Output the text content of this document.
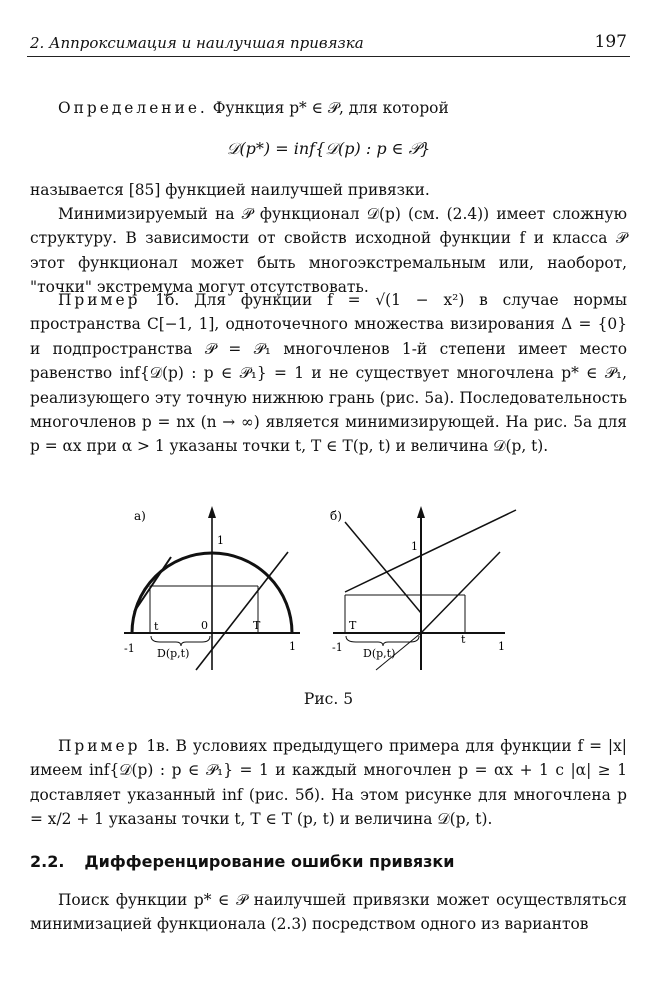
2. Аппроксимация и наилучшая привязка	197
Определение. Функция p* ∈ 𝒫, для которой
𝒟(p*) = inf{𝒟(p) : p ∈ 𝒫}
называется [85] функцией наилучшей привязки.
Минимизируемый на 𝒫 функционал 𝒟(p) (см. (2.4)) имеет сложную структуру. В зависимости от свойств исходной функции f и класса 𝒫 этот функционал может быть многоэкстремальным или, наоборот, "точки" экстремума могут отсутствовать.
Пример 1б. Для функции f = √(1 − x²) в случае нормы пространства C[−1, 1], одноточечного множества визирования Δ = {0} и подпространства 𝒫 = 𝒫₁ многочленов 1-й степени имеет место равенство inf{𝒟(p) : p ∈ 𝒫₁} = 1 и не существует многочлена p* ∈ 𝒫₁, реализующего эту точную нижнюю грань (рис. 5а). Последовательность многочленов p = nx (n → ∞) является минимизирующей. На рис. 5а для p = αx при α > 1 указаны точки t, T ∈ T(p, t) и величина 𝒟(p, t).
а)
1
t	0	T
-1	1
D(p,t)
б)
1
T
t
-1	1
D(p,t)
Рис. 5
Пример 1в. В условиях предыдущего примера для функции f = |x| имеем inf{𝒟(p) : p ∈ 𝒫₁} = 1 и каждый многочлен p = αx + 1 с |α| ≥ 1 доставляет указанный inf (рис. 5б). На этом рисунке для многочлена p = x/2 + 1 указаны точки t, T ∈ T (p, t) и величина 𝒟(p, t).
2.2. Дифференцирование ошибки привязки
Поиск функции p* ∈ 𝒫 наилучшей привязки может осуществляться минимизацией функционала (2.3) посредством одного из вариантов
